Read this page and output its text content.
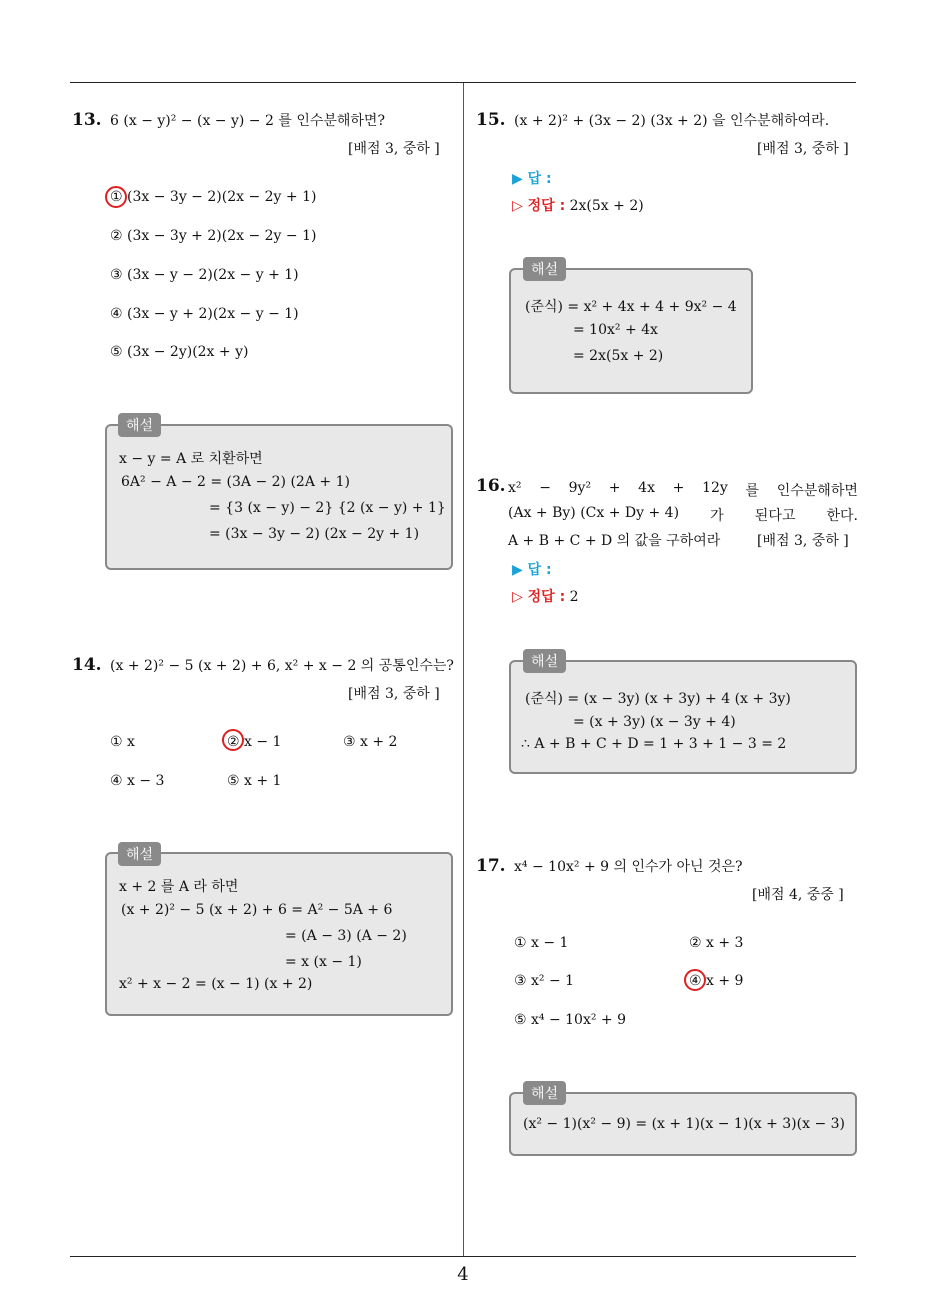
4
13. 6 (x − y)² − (x − y) − 2 를 인수분해하면?
[배점 3, 중하 ]
① (3x − 3y − 2)(2x − 2y + 1)
② (3x − 3y + 2)(2x − 2y − 1)
③ (3x − y − 2)(2x − y + 1)
④ (3x − y + 2)(2x − y − 1)
⑤ (3x − 2y)(2x + y)
x − y = A 로 치환하면
6A² − A − 2 = (3A − 2) (2A + 1)
= {3 (x − y) − 2} {2 (x − y) + 1}
= (3x − 3y − 2) (2x − 2y + 1)
해설
14. (x + 2)² − 5 (x + 2) + 6, x² + x − 2 의 공통인수는?
[배점 3, 중하 ]
① x	② x − 1	③ x + 2
④ x − 3	⑤ x + 1
x + 2 를 A 라 하면
(x + 2)² − 5 (x + 2) + 6 = A² − 5A + 6
= (A − 3) (A − 2)
= x (x − 1)
x² + x − 2 = (x − 1) (x + 2)
해설
15. (x + 2)² + (3x − 2) (3x + 2) 을 인수분해하여라.
[배점 3, 중하 ]
▶ 답 :
▷ 정답 : 2x(5x + 2)
(준식) = x² + 4x + 4 + 9x² − 4
= 10x² + 4x
= 2x(5x + 2)
해설
16. x² − 9y² + 4x + 12y 를 인수분해하면
(Ax + By) (Cx + Dy + 4) 가 된다고 한다.
A + B + C + D 의 값을 구하여라	[배점 3, 중하 ]
▶ 답 :
▷ 정답 : 2
(준식) = (x − 3y) (x + 3y) + 4 (x + 3y)
= (x + 3y) (x − 3y + 4)
∴ A + B + C + D = 1 + 3 + 1 − 3 = 2
해설
17. x⁴ − 10x² + 9 의 인수가 아닌 것은?
[배점 4, 중중 ]
① x − 1	② x + 3
③ x² − 1	④ x + 9
⑤ x⁴ − 10x² + 9
(x² − 1)(x² − 9) = (x + 1)(x − 1)(x + 3)(x − 3)
해설
